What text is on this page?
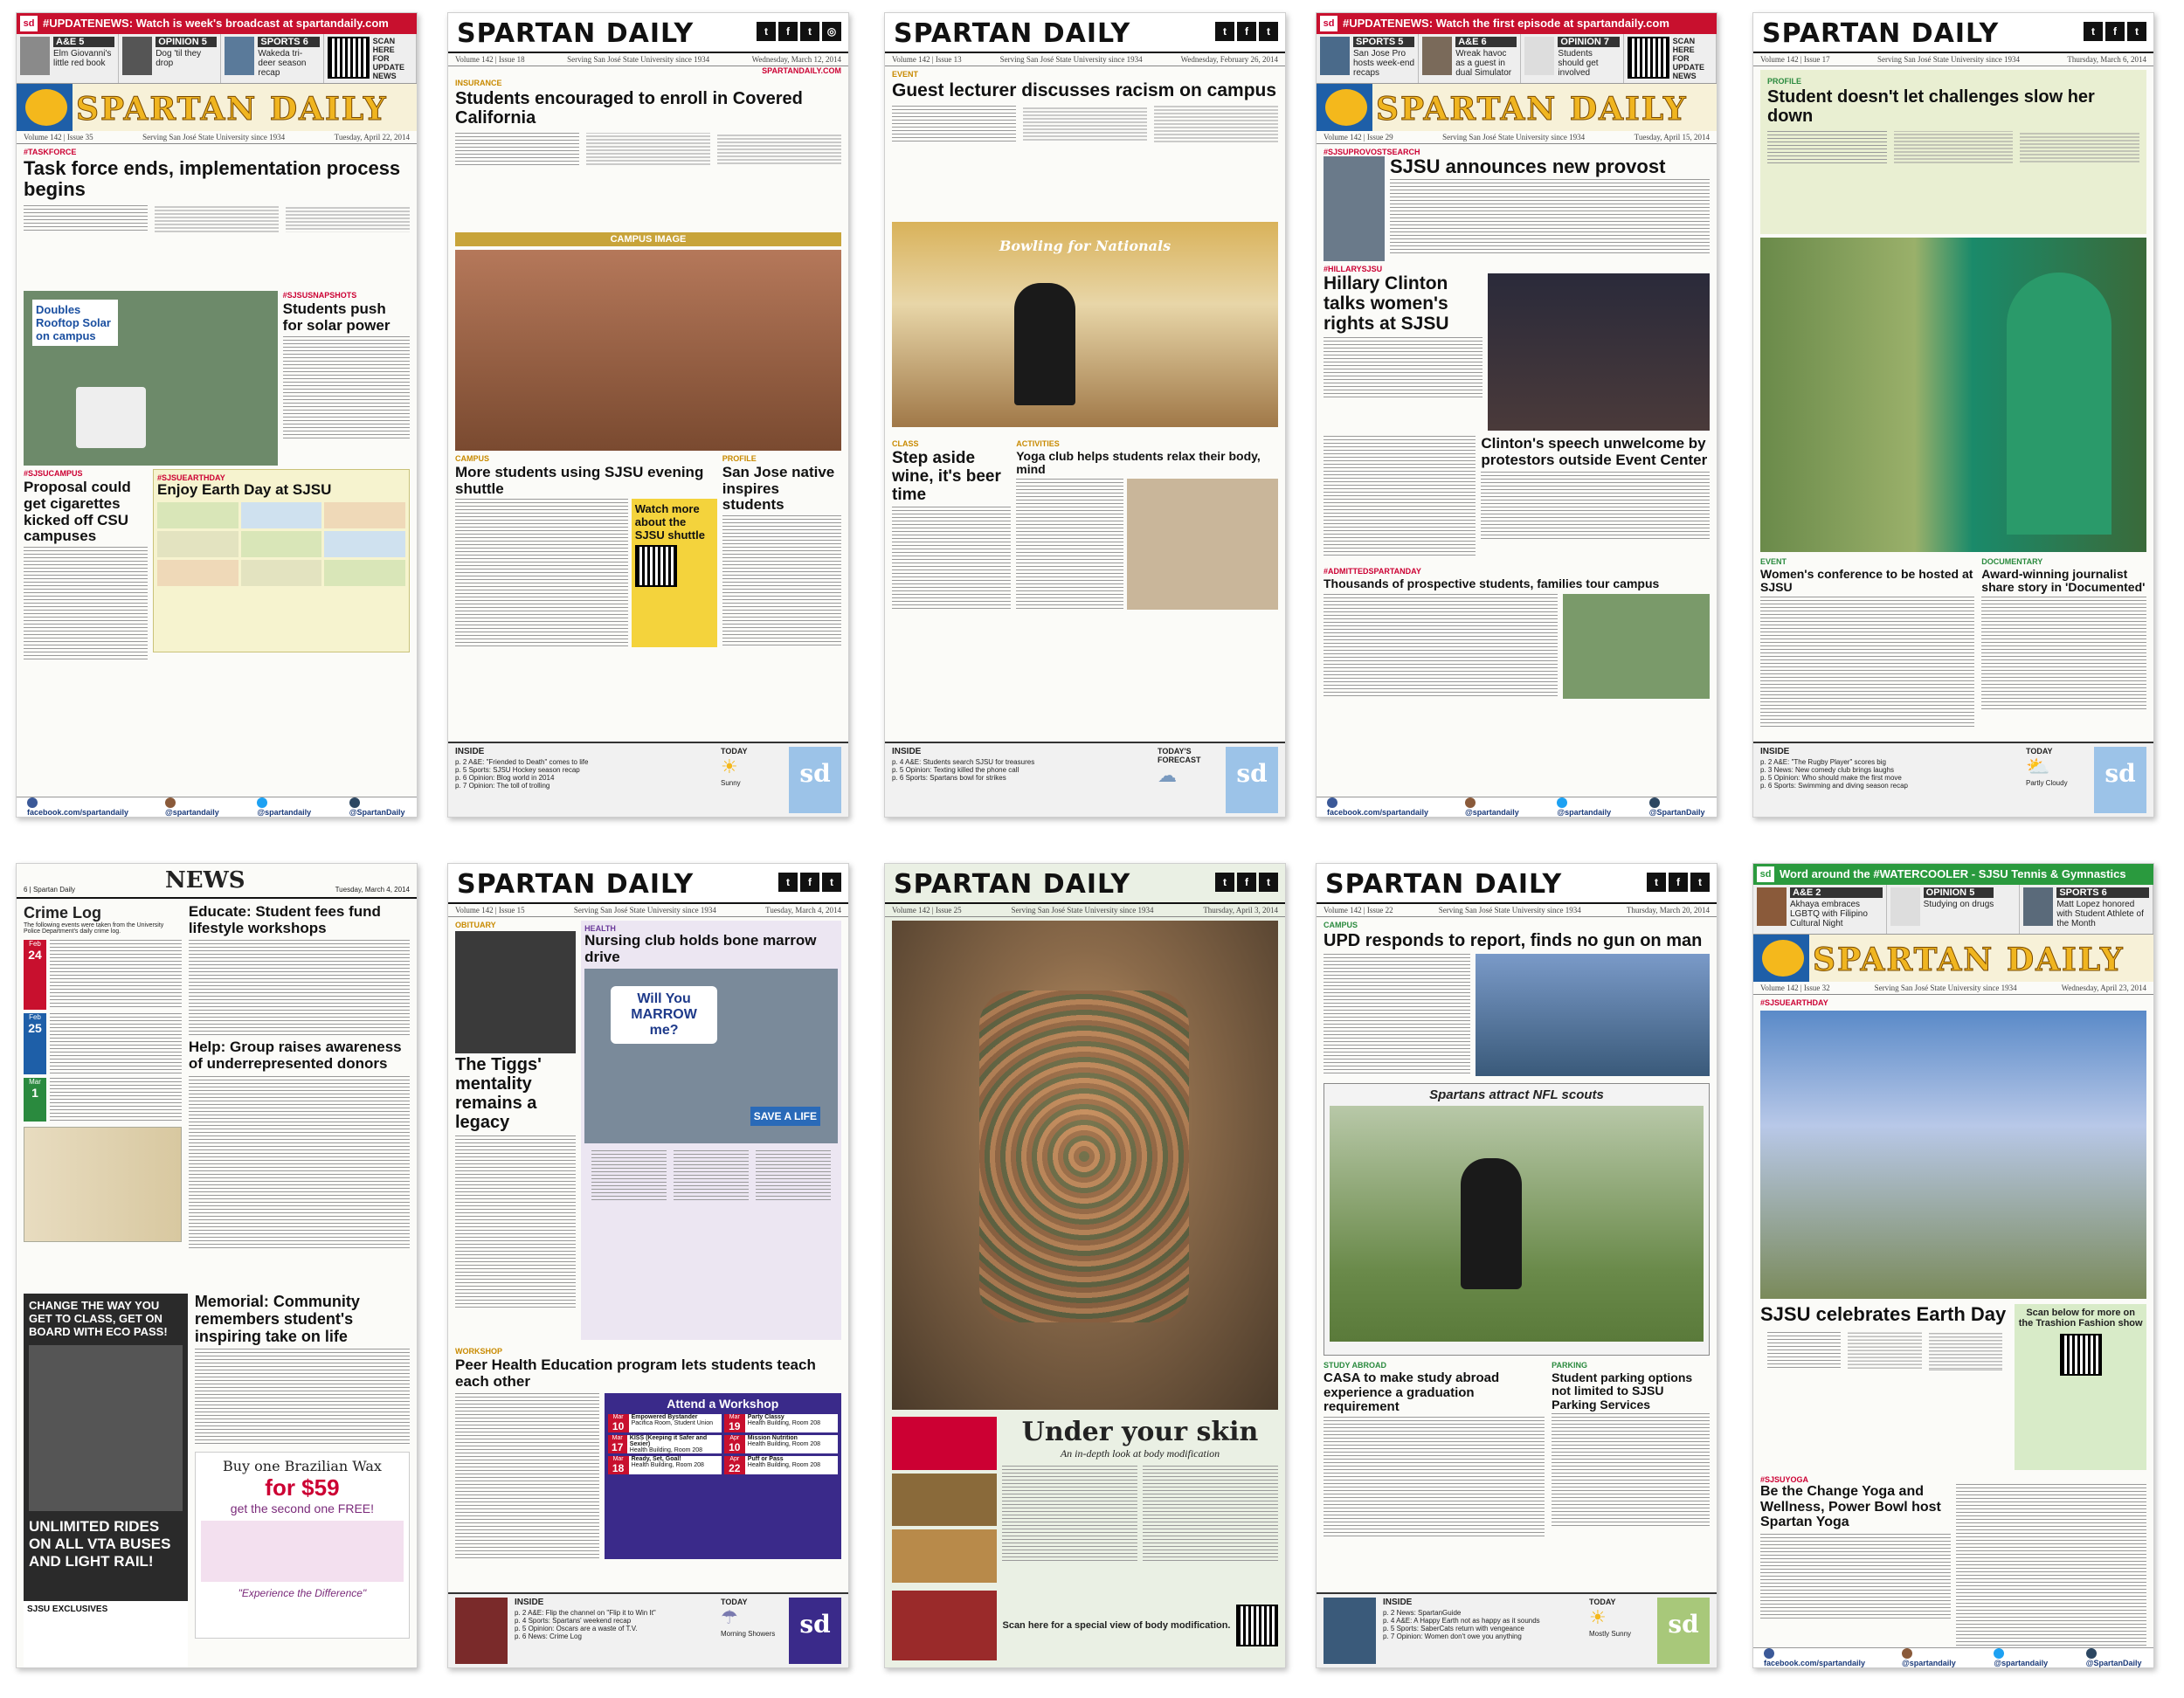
sd #UPDATENEWS: Watch is week's broadcast at spartandaily.com
A&E 5
Elm Giovanni's little red book
OPINION 5
Dog 'til they drop
SPORTS 6
Wakeda tri-deer season recap
SCAN HERE FOR UPDATE NEWS
SPARTAN DAILY
Volume 142 | Issue 35	Serving San José State University since 1934	Tuesday, April 22, 2014
#TASKFORCE
Task force ends, implementation process begins
Doubles Rooftop Solar on campus
#SJSUSNAPSHOTS
Students push for solar power
#SJSUCAMPUS
Proposal could get cigarettes kicked off CSU campuses
#SJSUEARTHDAY
Enjoy Earth Day at SJSU
facebook.com/spartandaily	@spartandaily	@spartandaily	@SpartanDaily
SPARTAN DAILY	t	f	t	◎
Volume 142 | Issue 18	Serving San José State University since 1934	Wednesday, March 12, 2014
SPARTANDAILY.COM
INSURANCE
Students encouraged to enroll in Covered California
CAMPUS IMAGE
CAMPUS
More students using SJSU evening shuttle
Watch more about the SJSU shuttle
PROFILE
San Jose native inspires students
INSIDE
p. 2 A&E: "Friended to Death" comes to life
p. 5 Sports: SJSU Hockey season recap
p. 6 Opinion: Blog world in 2014
p. 7 Opinion: The toll of trolling
TODAY
☀
Sunny	sd
SPARTAN DAILY	t	f	t
Volume 142 | Issue 13	Serving San José State University since 1934	Wednesday, February 26, 2014
EVENT
Guest lecturer discusses racism on campus
Bowling for Nationals

CLASS
Step aside wine, it's beer time
ACTIVITIES
Yoga club helps students relax their body, mind
INSIDE
p. 4 A&E: Students search SJSU for treasures
p. 5 Opinion: Texting killed the phone call
p. 6 Sports: Spartans bowl for strikes
TODAY'S FORECAST
☁	sd
sd #UPDATENEWS: Watch the first episode at spartandaily.com
SPORTS 5
San Jose Pro hosts week-end recaps
A&E 6
Wreak havoc as a guest in dual Simulator
OPINION 7
Students should get involved
SCAN HERE FOR UPDATE NEWS
SPARTAN DAILY
Volume 142 | Issue 29	Serving San José State University since 1934	Tuesday, April 15, 2014
#SJSUPROVOSTSEARCH
SJSU announces new provost
#HILLARYSJSU
Hillary Clinton talks women's rights at SJSU
Clinton's speech unwelcome by protestors outside Event Center
#ADMITTEDSPARTANDAY
Thousands of prospective students, families tour campus
facebook.com/spartandaily	@spartandaily	@spartandaily	@SpartanDaily
SPARTAN DAILY	t	f	t
Volume 142 | Issue 17	Serving San José State University since 1934	Thursday, March 6, 2014
PROFILE
Student doesn't let challenges slow her down
EVENT
Women's conference to be hosted at SJSU
DOCUMENTARY
Award-winning journalist share story in 'Documented'
INSIDE
p. 2 A&E: "The Rugby Player" scores big
p. 3 News: New comedy club brings laughs
p. 5 Opinion: Who should make the first move
p. 6 Sports: Swimming and diving season recap
TODAY
⛅
Partly Cloudy	sd
6 | Spartan Daily	NEWS	Tuesday, March 4, 2014
Crime Log
The following events were taken from the University Police Department's daily crime log.
Feb
24
Feb
25
Mar
1
Educate: Student fees fund lifestyle workshops
Help: Group raises awareness of underrepresented donors
CHANGE THE WAY YOU GET TO CLASS, GET ON BOARD WITH ECO PASS!
UNLIMITED RIDES ON ALL VTA BUSES AND LIGHT RAIL!
SJSU EXCLUSIVES
Memorial: Community remembers student's inspiring take on life
Buy one Brazilian Wax
for $59
get the second one FREE!
"Experience the Difference"
SPARTAN DAILY	t	f	t
Volume 142 | Issue 15	Serving San José State University since 1934	Tuesday, March 4, 2014
OBITUARY
The Tiggs' mentality remains a legacy
HEALTH
Nursing club holds bone marrow drive
Will You MARROW me?
SAVE A LIFE
WORKSHOP
Peer Health Education program lets students teach each other
Attend a Workshop
Mar
10
Empowered Bystander
Pacifica Room, Student Union
Mar
19
Party Classy
Health Building, Room 208
Mar
17
KISS (Keeping it Safer and Sexier)
Health Building, Room 208
Apr
10
Mission Nutrition
Health Building, Room 208
Mar
18
Ready, Set, Goal!
Health Building, Room 208
Apr
22
Puff or Pass
Health Building, Room 208
INSIDE
p. 2 A&E: Flip the channel on "Flip it to Win It"
p. 4 Sports: Spartans' weekend recap
p. 5 Opinion: Oscars are a waste of T.V.
p. 6 News: Crime Log
TODAY
☂
Morning Showers	sd
SPARTAN DAILY	t	f	t
Volume 142 | Issue 25	Serving San José State University since 1934	Thursday, April 3, 2014
Under your skin
An in-depth look at body modification
Scan here for a special view of body modification.
SPARTAN DAILY	t	f	t
Volume 142 | Issue 22	Serving San José State University since 1934	Thursday, March 20, 2014
CAMPUS
UPD responds to report, finds no gun on man
Spartans attract NFL scouts
STUDY ABROAD
CASA to make study abroad experience a graduation requirement
PARKING
Student parking options not limited to SJSU Parking Services
INSIDE
p. 2 News: SpartanGuide
p. 4 A&E: A Happy Earth not as happy as it sounds
p. 5 Sports: SaberCats return with vengeance
p. 7 Opinion: Women don't owe you anything
TODAY
☀
Mostly Sunny	sd
sd Word around the #WATERCOOLER - SJSU Tennis & Gymnastics
A&E 2
Akhaya embraces LGBTQ with Filipino Cultural Night
OPINION 5
Studying on drugs
SPORTS 6
Matt Lopez honored with Student Athlete of the Month
SPARTAN DAILY
Volume 142 | Issue 32	Serving San José State University since 1934	Wednesday, April 23, 2014
#SJSUEARTHDAY
SJSU celebrates Earth Day	Scan below for more on the Trashion Fashion show
#SJSUYOGA
Be the Change Yoga and Wellness, Power Bowl host Spartan Yoga
facebook.com/spartandaily	@spartandaily	@spartandaily	@SpartanDaily
